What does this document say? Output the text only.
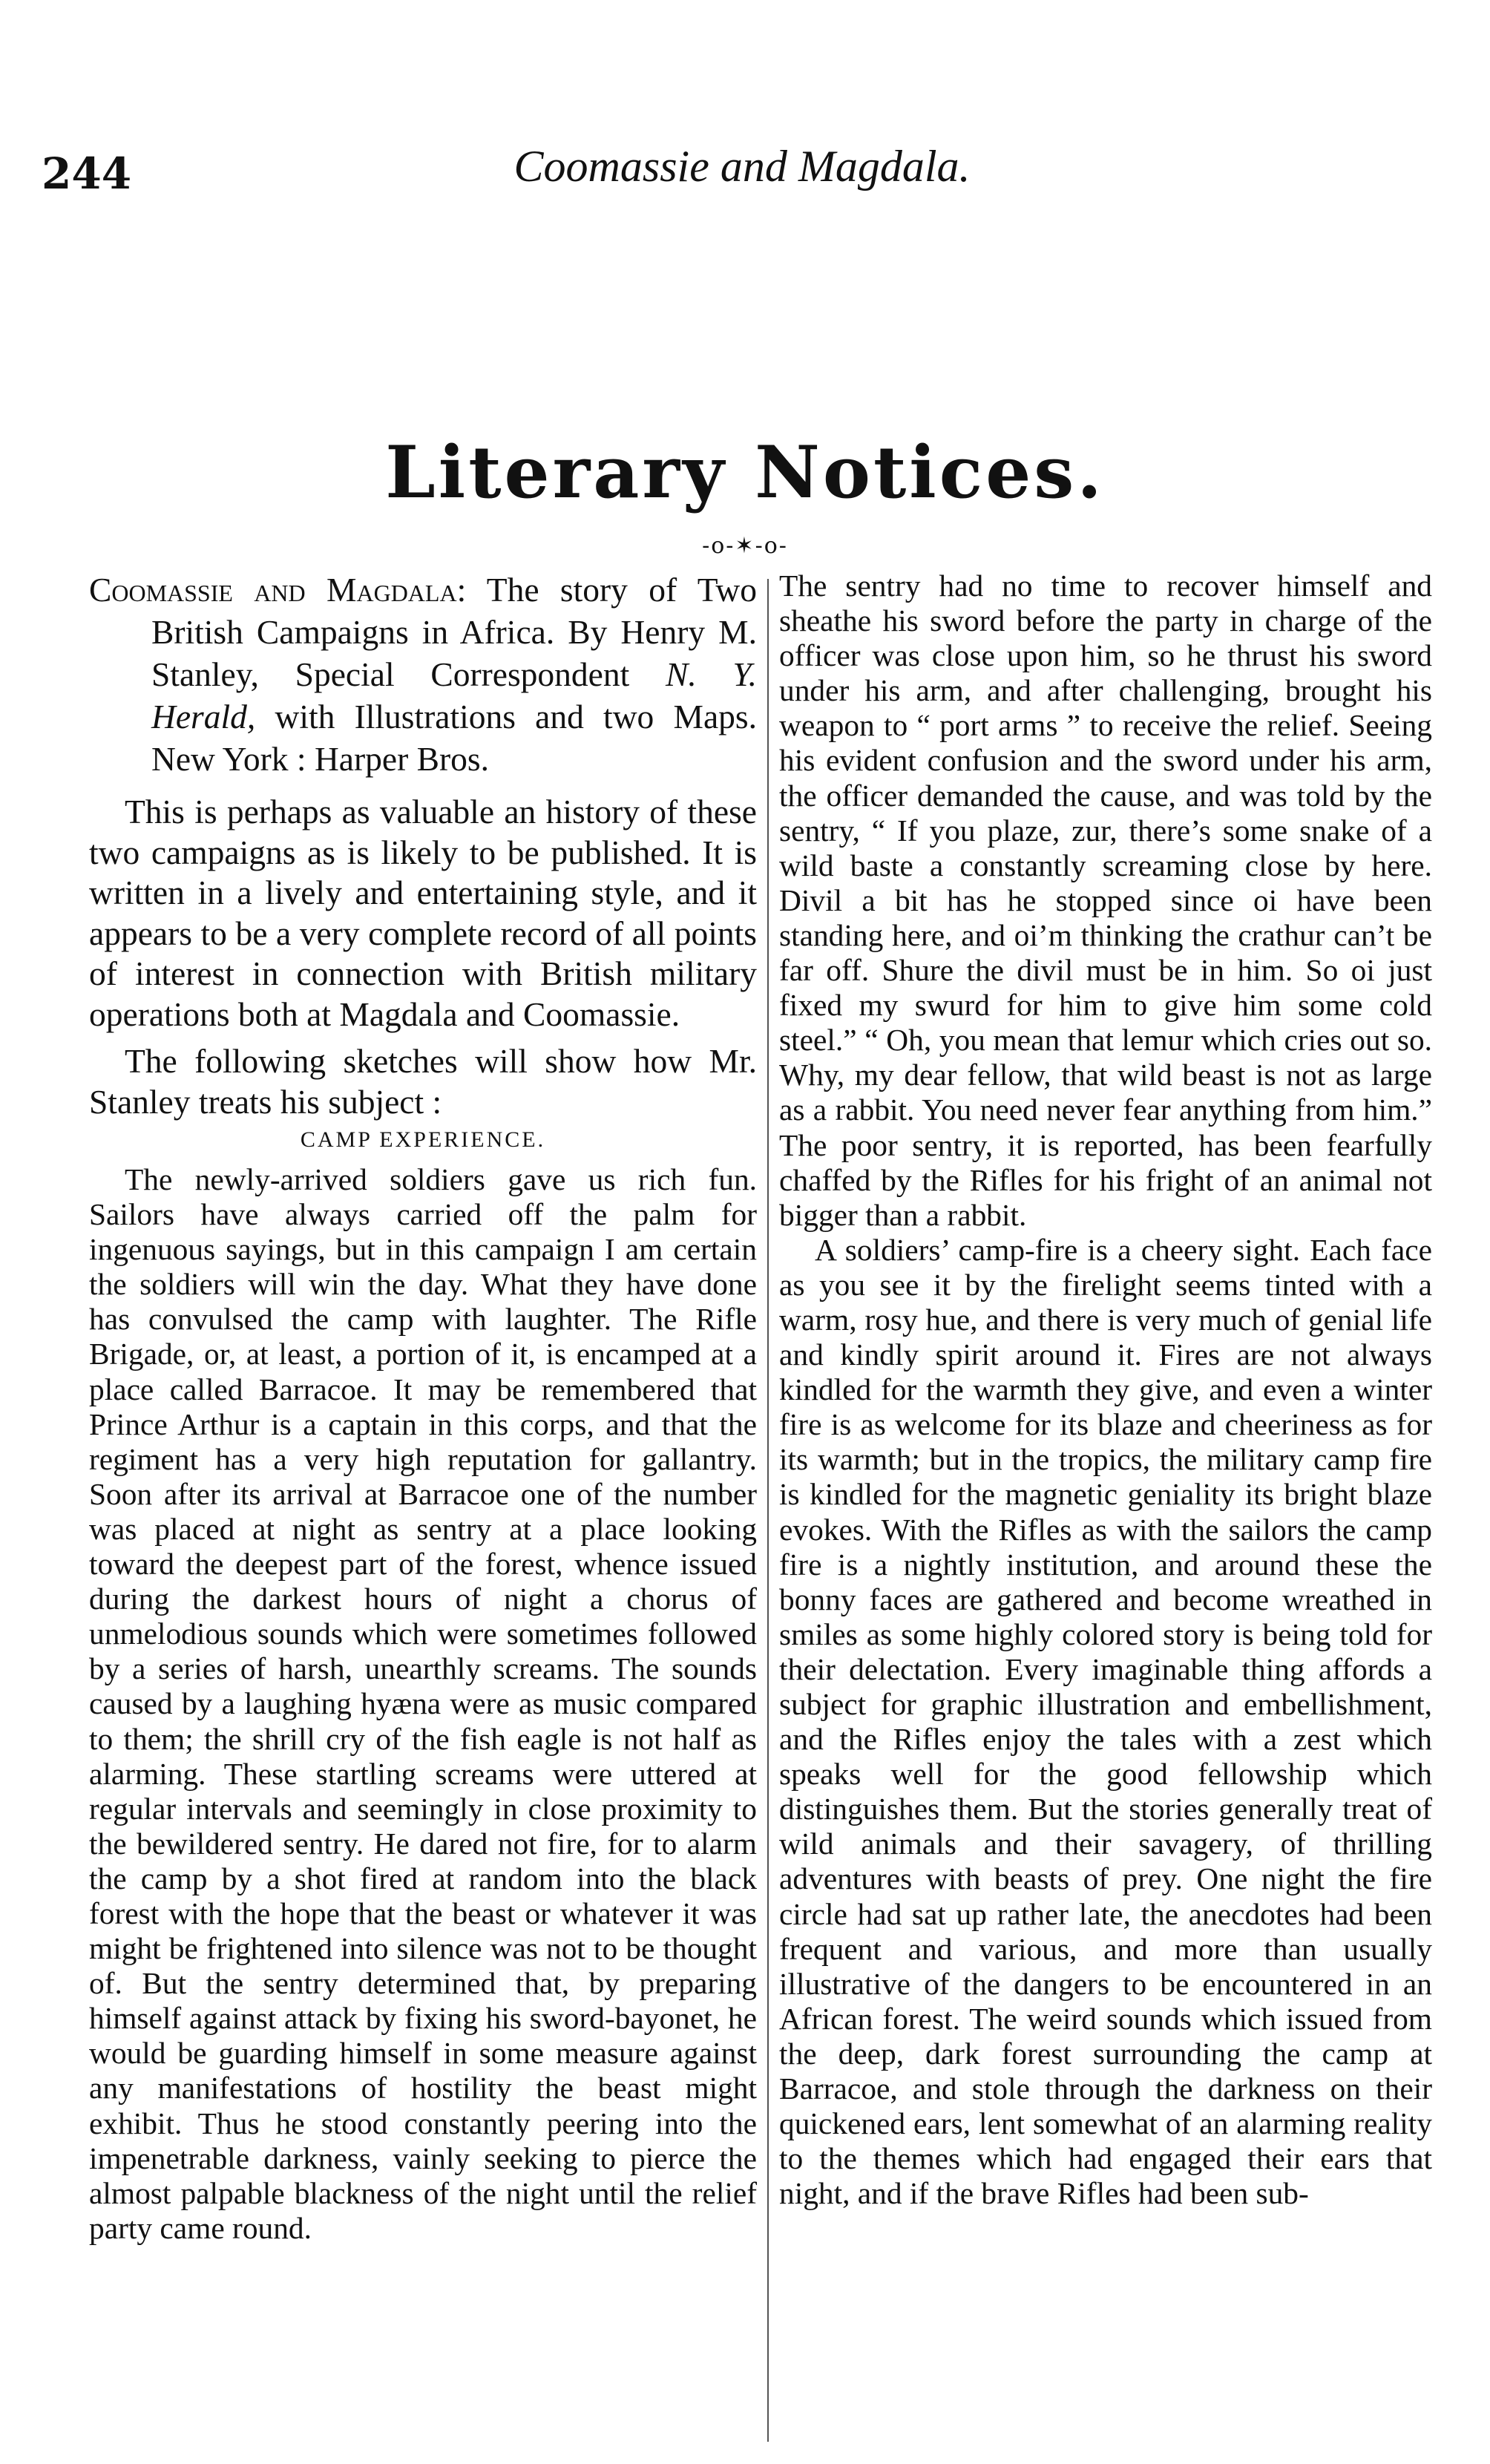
244	Coomassie and Magdala.
Literary Notices.
-o-✶-o-

Coomassie and Magdala: The story of Two British Campaigns in Africa. By Henry M. Stanley, Special Correspondent N. Y. Herald, with Illustrations and two Maps. New York : Harper Bros.

This is perhaps as valuable an history of these two campaigns as is likely to be published. It is written in a lively and entertaining style, and it appears to be a very complete record of all points of interest in connection with British military operations both at Magdala and Coomassie.

The following sketches will show how Mr. Stanley treats his subject :

CAMP EXPERIENCE.

The newly-arrived soldiers gave us rich fun. Sailors have always carried off the palm for ingenuous sayings, but in this campaign I am certain the soldiers will win the day. What they have done has convulsed the camp with laughter. The Rifle Brigade, or, at least, a portion of it, is encamped at a place called Barracoe. It may be remembered that Prince Arthur is a captain in this corps, and that the regiment has a very high reputation for gallantry. Soon after its arrival at Barracoe one of the number was placed at night as sentry at a place looking toward the deepest part of the forest, whence issued during the darkest hours of night a chorus of unmelodious sounds which were sometimes followed by a series of harsh, unearthly screams. The sounds caused by a laughing hyæna were as music compared to them; the shrill cry of the fish eagle is not half as alarming. These startling screams were uttered at regular intervals and seemingly in close proximity to the bewildered sentry. He dared not fire, for to alarm the camp by a shot fired at random into the black forest with the hope that the beast or whatever it was might be frightened into silence was not to be thought of. But the sentry determined that, by preparing himself against attack by fixing his sword-bayonet, he would be guarding himself in some measure against any manifestations of hostility the beast might exhibit. Thus he stood constantly peering into the impenetrable darkness, vainly seeking to pierce the almost palpable blackness of the night until the relief party came round.

The sentry had no time to recover himself and sheathe his sword before the party in charge of the officer was close upon him, so he thrust his sword under his arm, and after challenging, brought his weapon to “ port arms ” to receive the relief. Seeing his evident confusion and the sword under his arm, the officer demanded the cause, and was told by the sentry, “ If you plaze, zur, there’s some snake of a wild baste a constantly screaming close by here. Divil a bit has he stopped since oi have been standing here, and oi’m thinking the crathur can’t be far off. Shure the divil must be in him. So oi just fixed my swurd for him to give him some cold steel.” “ Oh, you mean that lemur which cries out so. Why, my dear fellow, that wild beast is not as large as a rabbit. You need never fear anything from him.” The poor sentry, it is reported, has been fearfully chaffed by the Rifles for his fright of an animal not bigger than a rabbit.

A soldiers’ camp-fire is a cheery sight. Each face as you see it by the firelight seems tinted with a warm, rosy hue, and there is very much of genial life and kindly spirit around it. Fires are not always kindled for the warmth they give, and even a winter fire is as welcome for its blaze and cheeriness as for its warmth; but in the tropics, the military camp fire is kindled for the magnetic geniality its bright blaze evokes. With the Rifles as with the sailors the camp fire is a nightly institution, and around these the bonny faces are gathered and become wreathed in smiles as some highly colored story is being told for their delectation. Every imaginable thing affords a subject for graphic illustration and embellishment, and the Rifles enjoy the tales with a zest which speaks well for the good fellowship which distinguishes them. But the stories generally treat of wild animals and their savagery, of thrilling adventures with beasts of prey. One night the fire circle had sat up rather late, the anecdotes had been frequent and various, and more than usually illustrative of the dangers to be encountered in an African forest. The weird sounds which issued from the deep, dark forest surrounding the camp at Barracoe, and stole through the darkness on their quickened ears, lent somewhat of an alarming reality to the themes which had engaged their ears that night, and if the brave Rifles had been sub-
